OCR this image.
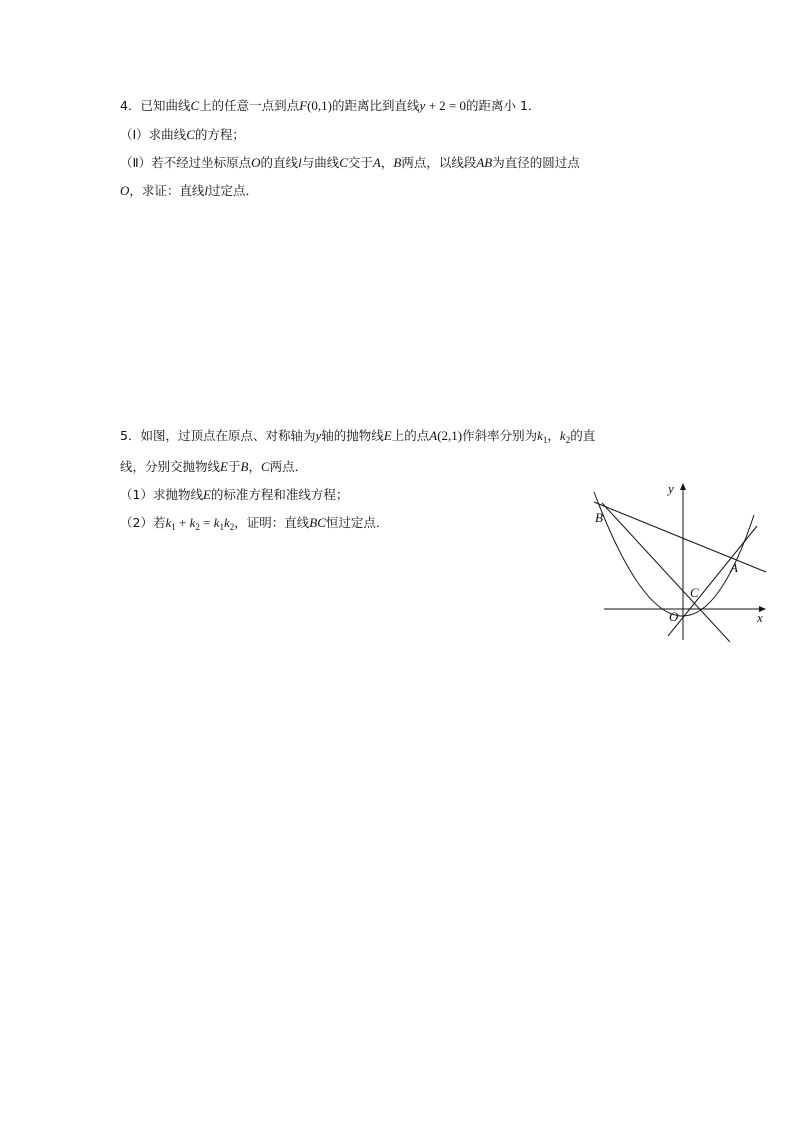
4．已知曲线C上的任意一点到点F(0,1)的距离比到直线y + 2 = 0的距离小 1．
（Ⅰ）求曲线C的方程；
（Ⅱ）若不经过坐标原点O的直线l与曲线C交于A，B两点，以线段AB为直径的圆过点
O，求证：直线l过定点．
5．如图，过顶点在原点、对称轴为y轴的抛物线E上的点A(2,1)作斜率分别为$k_1$，$k_2$的直
线，分别交抛物线E于B，C两点．
（1）求抛物线E的标准方程和准线方程；
（2）若$k_1 + k_2 = k_1k_2$，证明：直线BC恒过定点．
y
x
B
A
C
O
